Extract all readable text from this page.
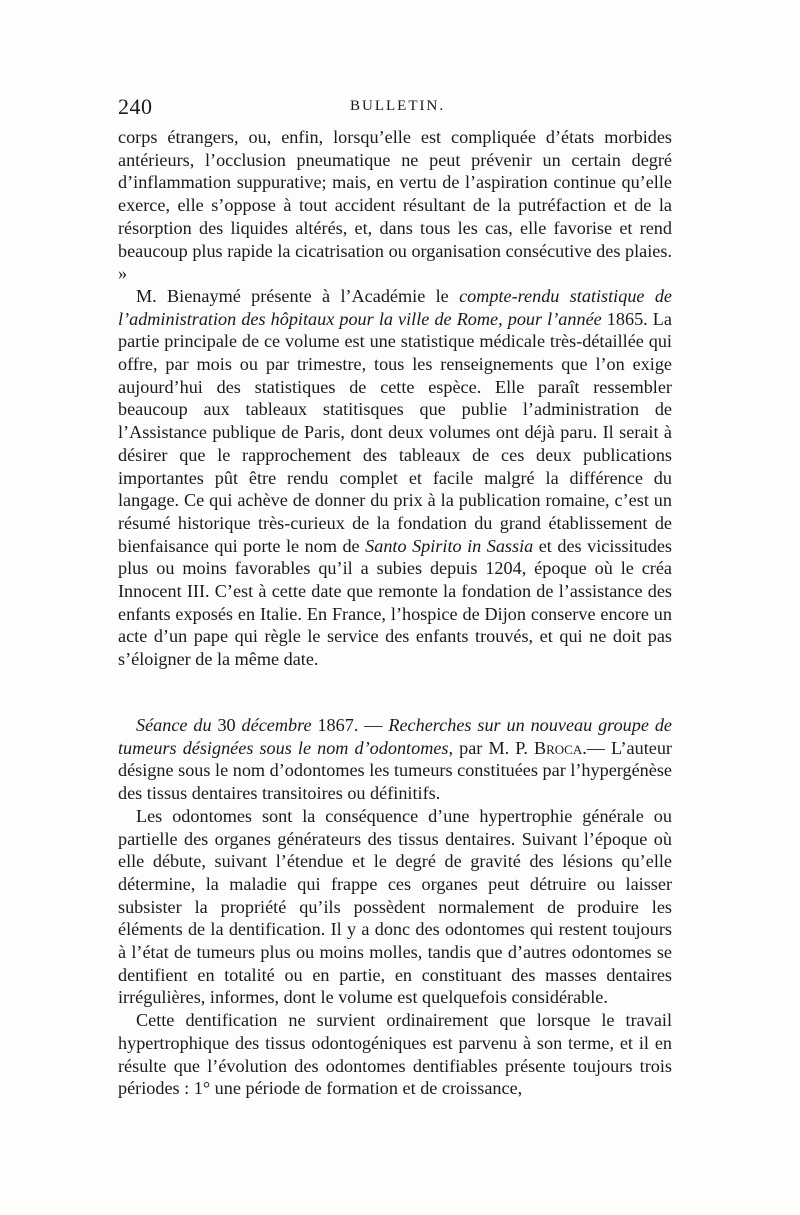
240	BULLETIN.

corps étrangers, ou, enfin, lorsqu’elle est compliquée d’états morbides antérieurs, l’occlusion pneumatique ne peut prévenir un certain degré d’inflammation suppurative; mais, en vertu de l’aspiration continue qu’elle exerce, elle s’oppose à tout accident résultant de la putréfaction et de la résorption des liquides altérés, et, dans tous les cas, elle favorise et rend beaucoup plus rapide la cicatrisation ou organisation consécutive des plaies. »

M. Bienaymé présente à l’Académie le compte-rendu statistique de l’administration des hôpitaux pour la ville de Rome, pour l’année 1865. La partie principale de ce volume est une statistique médicale très-détaillée qui offre, par mois ou par trimestre, tous les renseignements que l’on exige aujourd’hui des statistiques de cette espèce. Elle paraît ressembler beaucoup aux tableaux statitisques que publie l’administration de l’Assistance publique de Paris, dont deux volumes ont déjà paru. Il serait à désirer que le rapprochement des tableaux de ces deux publications importantes pût être rendu complet et facile malgré la différence du langage. Ce qui achève de donner du prix à la publication romaine, c’est un résumé historique très-curieux de la fondation du grand établissement de bienfaisance qui porte le nom de Santo Spirito in Sassia et des vicissitudes plus ou moins favorables qu’il a subies depuis 1204, époque où le créa Innocent III. C’est à cette date que remonte la fondation de l’assistance des enfants exposés en Italie. En France, l’hospice de Dijon conserve encore un acte d’un pape qui règle le service des enfants trouvés, et qui ne doit pas s’éloigner de la même date.

Séance du 30 décembre 1867. — Recherches sur un nouveau groupe de tumeurs désignées sous le nom d’odontomes, par M. P. Broca.— L’auteur désigne sous le nom d’odontomes les tumeurs constituées par l’hypergénèse des tissus dentaires transitoires ou définitifs.

Les odontomes sont la conséquence d’une hypertrophie générale ou partielle des organes générateurs des tissus dentaires. Suivant l’époque où elle débute, suivant l’étendue et le degré de gravité des lésions qu’elle détermine, la maladie qui frappe ces organes peut détruire ou laisser subsister la propriété qu’ils possèdent normalement de produire les éléments de la dentification. Il y a donc des odontomes qui restent toujours à l’état de tumeurs plus ou moins molles, tandis que d’autres odontomes se dentifient en totalité ou en partie, en constituant des masses dentaires irrégulières, informes, dont le volume est quelquefois considérable.

Cette dentification ne survient ordinairement que lorsque le travail hypertrophique des tissus odontogéniques est parvenu à son terme, et il en résulte que l’évolution des odontomes dentifiables présente toujours trois périodes : 1° une période de formation et de croissance,
